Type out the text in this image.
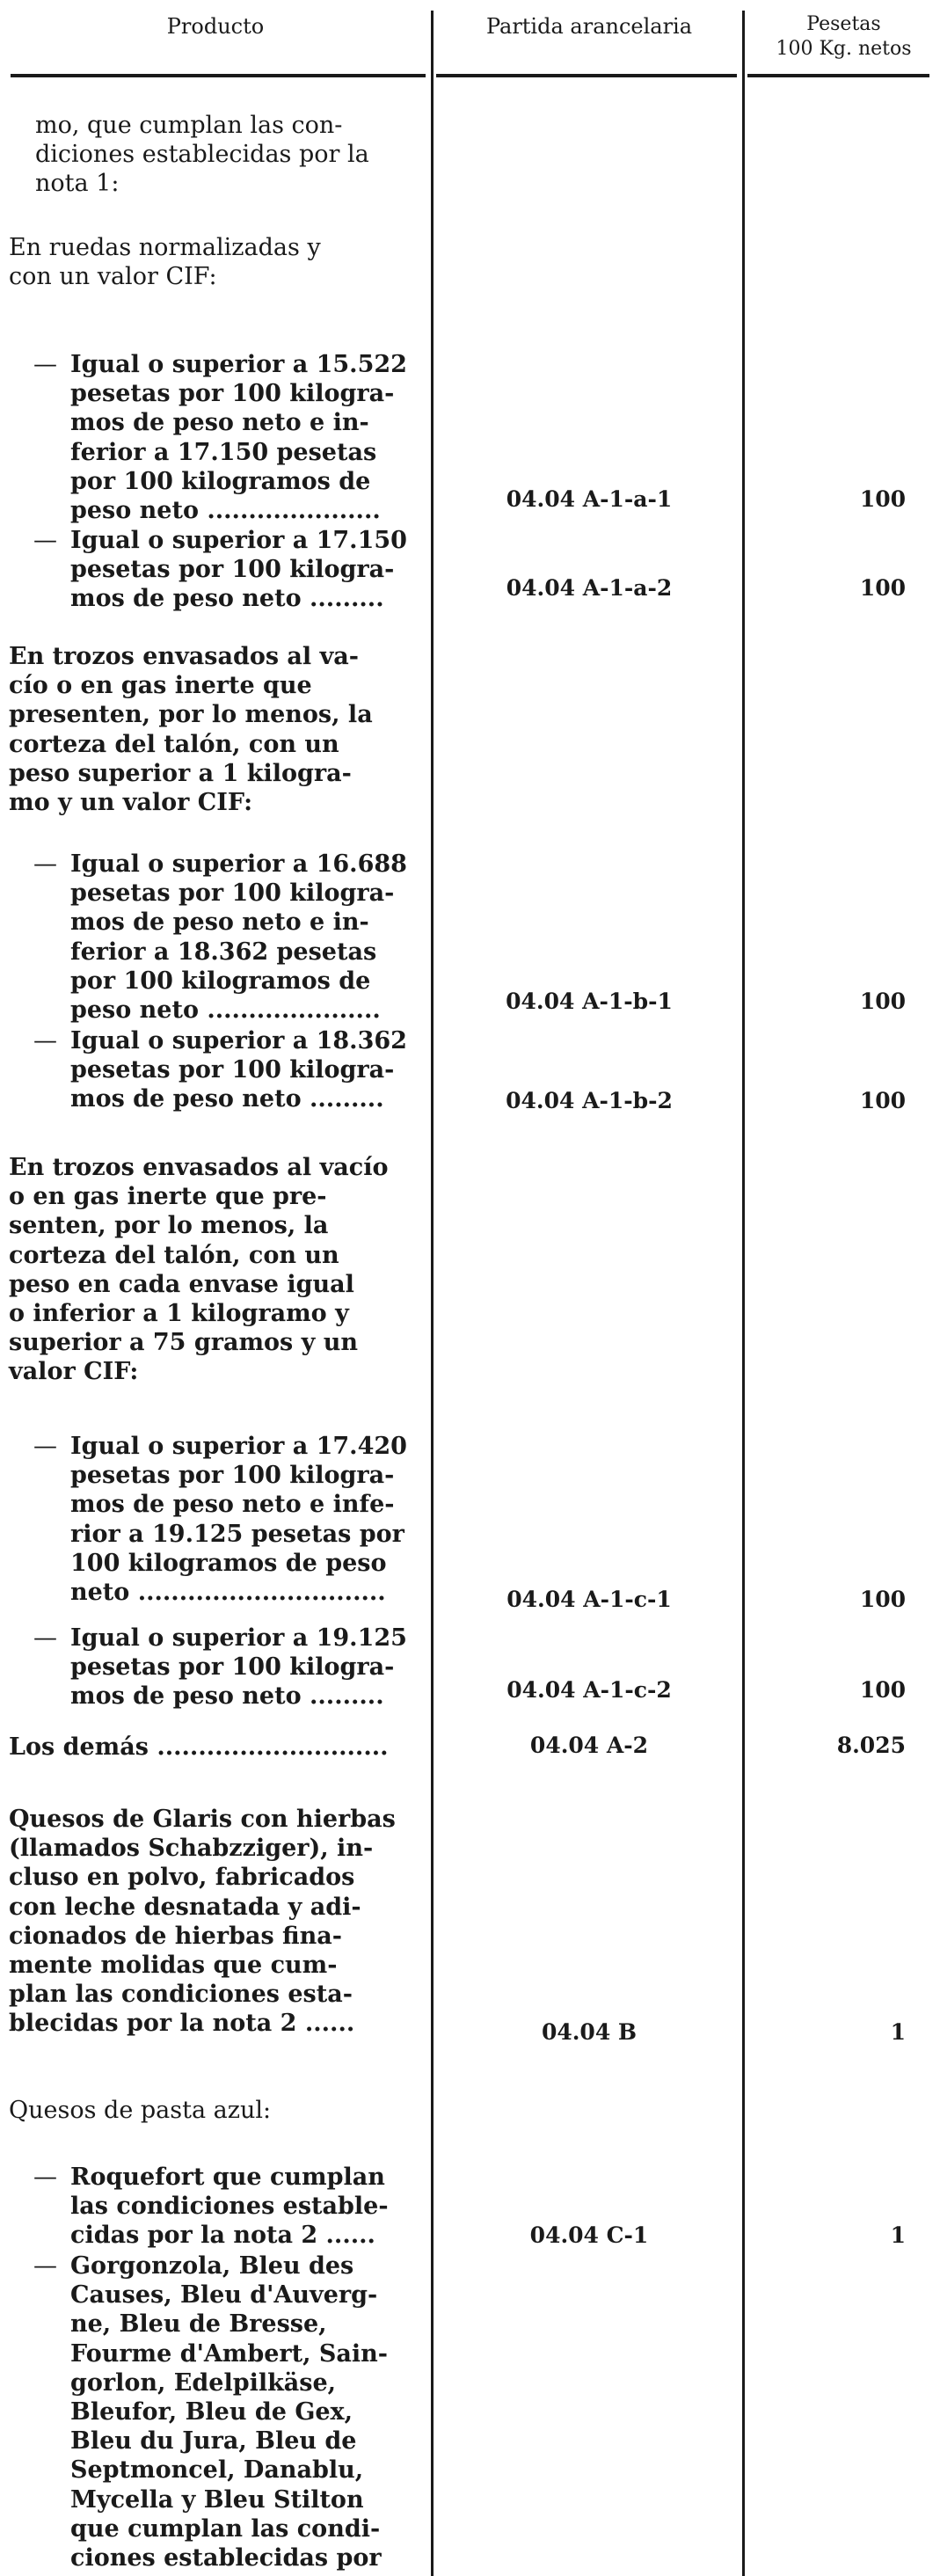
Producto	Partida arancelaria	Pesetas
100 Kg. netos
mo, que cumplan las con-
diciones establecidas por la
nota 1:
En ruedas normalizadas y
con un valor CIF:
— Igual o superior a 15.522
pesetas por 100 kilogra-
mos de peso neto e in-
ferior a 17.150 pesetas
por 100 kilogramos de
peso neto .....................	04.04 A-1-a-1	100
— Igual o superior a 17.150
pesetas por 100 kilogra-
mos de peso neto .........	04.04 A-1-a-2	100
En trozos envasados al va-
cío o en gas inerte que
presenten, por lo menos, la
corteza del talón, con un
peso superior a 1 kilogra-
mo y un valor CIF:
— Igual o superior a 16.688
pesetas por 100 kilogra-
mos de peso neto e in-
ferior a 18.362 pesetas
por 100 kilogramos de
peso neto .....................	04.04 A-1-b-1	100
— Igual o superior a 18.362
pesetas por 100 kilogra-
mos de peso neto .........	04.04 A-1-b-2	100
En trozos envasados al vacío
o en gas inerte que pre-
senten, por lo menos, la
corteza del talón, con un
peso en cada envase igual
o inferior a 1 kilogramo y
superior a 75 gramos y un
valor CIF:
— Igual o superior a 17.420
pesetas por 100 kilogra-
mos de peso neto e infe-
rior a 19.125 pesetas por
100 kilogramos de peso
neto ..............................	04.04 A-1-c-1	100
— Igual o superior a 19.125
pesetas por 100 kilogra-
mos de peso neto .........	04.04 A-1-c-2	100
Los demás ............................	04.04 A-2	8.025
Quesos de Glaris con hierbas
(llamados Schabzziger), in-
cluso en polvo, fabricados
con leche desnatada y adi-
cionados de hierbas fina-
mente molidas que cum-
plan las condiciones esta-
blecidas por la nota 2 ......	04.04 B	1
Quesos de pasta azul:
— Roquefort que cumplan
las condiciones estable-
cidas por la nota 2 ......	04.04 C-1	1
— Gorgonzola, Bleu des
Causes, Bleu d'Auverg-
ne, Bleu de Bresse,
Fourme d'Ambert, Sain-
gorlon, Edelpilkäse,
Bleufor, Bleu de Gex,
Bleu du Jura, Bleu de
Septmoncel, Danablu,
Mycella y Bleu Stilton
que cumplan las condi-
ciones establecidas por
